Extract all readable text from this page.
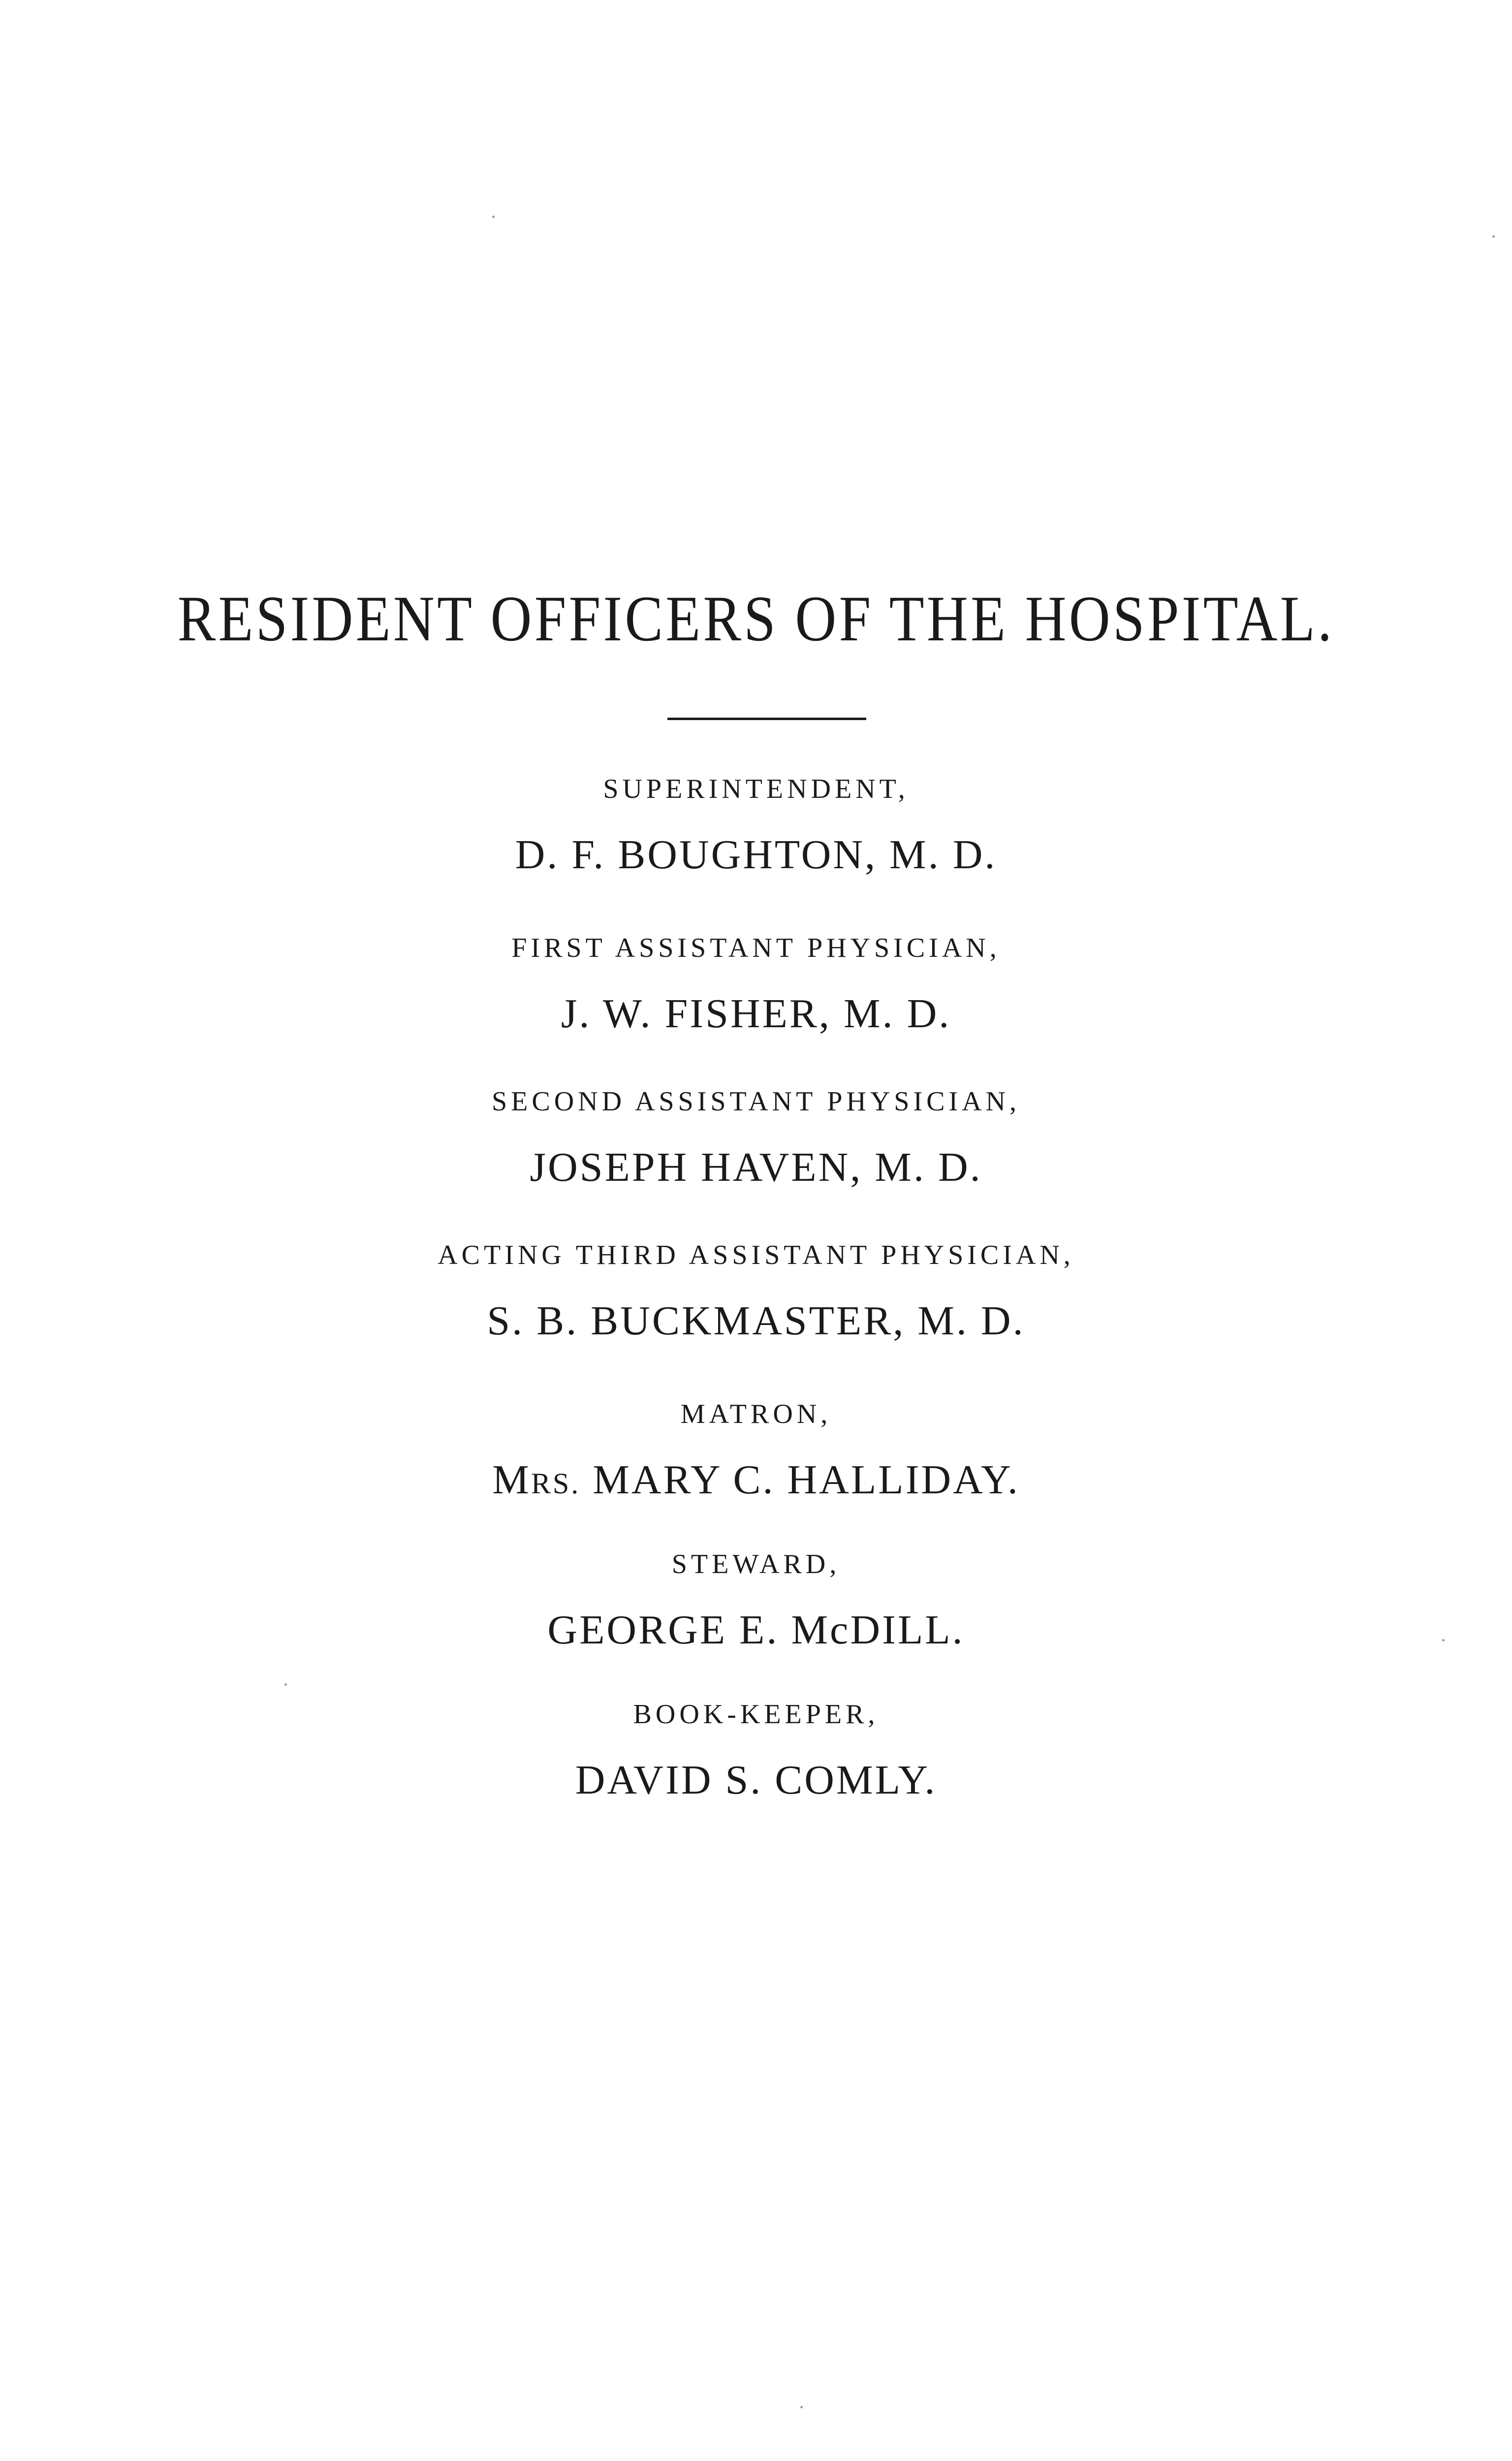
RESIDENT OFFICERS OF THE HOSPITAL.
SUPERINTENDENT,
D. F. BOUGHTON, M. D.
FIRST ASSISTANT PHYSICIAN,
J. W. FISHER, M. D.
SECOND ASSISTANT PHYSICIAN,
JOSEPH HAVEN, M. D.
ACTING THIRD ASSISTANT PHYSICIAN,
S. B. BUCKMASTER, M. D.
MATRON,
MRS. MARY C. HALLIDAY.
STEWARD,
GEORGE E. McDILL.
BOOK-KEEPER,
DAVID S. COMLY.
